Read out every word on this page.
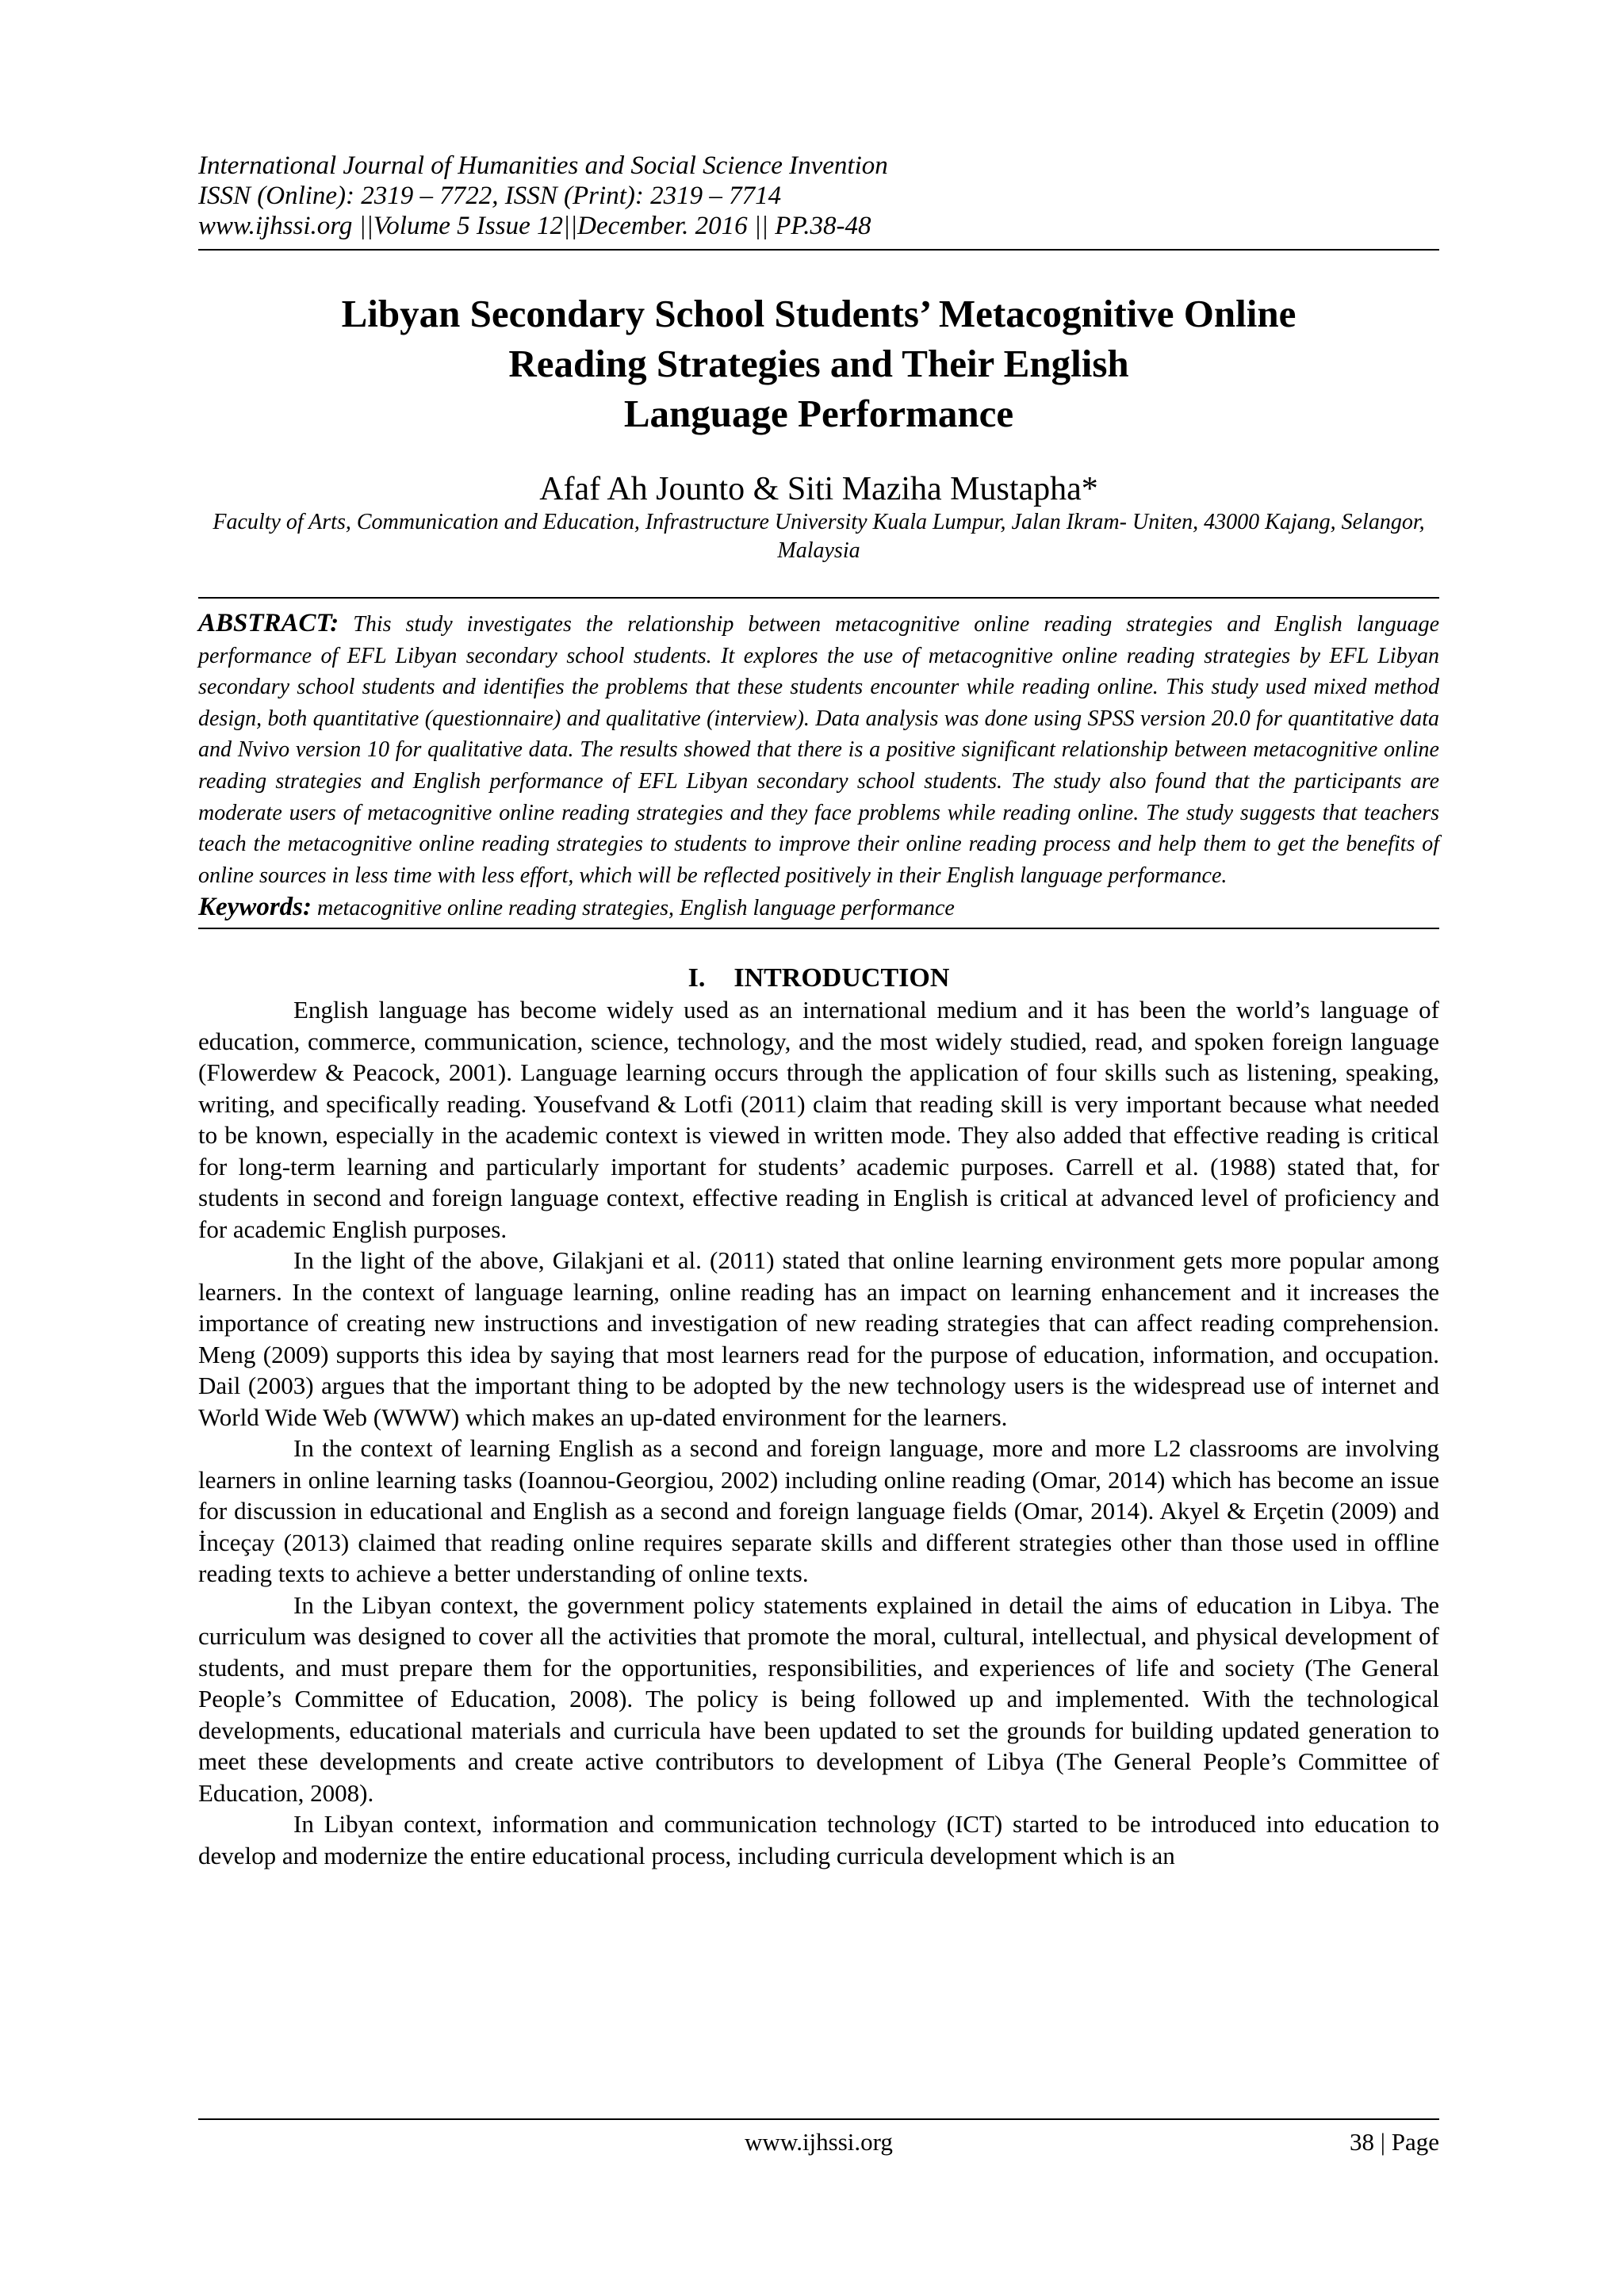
International Journal of Humanities and Social Science Invention
ISSN (Online): 2319 – 7722, ISSN (Print): 2319 – 7714
www.ijhssi.org ||Volume 5 Issue 12||December. 2016 || PP.38-48
Libyan Secondary School Students’ Metacognitive Online
Reading Strategies and Their English
Language Performance
Afaf Ah Jounto & Siti Maziha Mustapha*
Faculty of Arts, Communication and Education, Infrastructure University Kuala Lumpur, Jalan Ikram- Uniten, 43000 Kajang, Selangor, Malaysia

ABSTRACT: This study investigates the relationship between metacognitive online reading strategies and English language performance of EFL Libyan secondary school students. It explores the use of metacognitive online reading strategies by EFL Libyan secondary school students and identifies the problems that these students encounter while reading online. This study used mixed method design, both quantitative (questionnaire) and qualitative (interview). Data analysis was done using SPSS version 20.0 for quantitative data and Nvivo version 10 for qualitative data. The results showed that there is a positive significant relationship between metacognitive online reading strategies and English performance of EFL Libyan secondary school students. The study also found that the participants are moderate users of metacognitive online reading strategies and they face problems while reading online. The study suggests that teachers teach the metacognitive online reading strategies to students to improve their online reading process and help them to get the benefits of online sources in less time with less effort, which will be reflected positively in their English language performance.

Keywords: metacognitive online reading strategies, English language performance

I. INTRODUCTION

English language has become widely used as an international medium and it has been the world’s language of education, commerce, communication, science, technology, and the most widely studied, read, and spoken foreign language (Flowerdew & Peacock, 2001). Language learning occurs through the application of four skills such as listening, speaking, writing, and specifically reading. Yousefvand & Lotfi (2011) claim that reading skill is very important because what needed to be known, especially in the academic context is viewed in written mode. They also added that effective reading is critical for long-term learning and particularly important for students’ academic purposes. Carrell et al. (1988) stated that, for students in second and foreign language context, effective reading in English is critical at advanced level of proficiency and for academic English purposes.

In the light of the above, Gilakjani et al. (2011) stated that online learning environment gets more popular among learners. In the context of language learning, online reading has an impact on learning enhancement and it increases the importance of creating new instructions and investigation of new reading strategies that can affect reading comprehension. Meng (2009) supports this idea by saying that most learners read for the purpose of education, information, and occupation. Dail (2003) argues that the important thing to be adopted by the new technology users is the widespread use of internet and World Wide Web (WWW) which makes an up-dated environment for the learners.

In the context of learning English as a second and foreign language, more and more L2 classrooms are involving learners in online learning tasks (Ioannou-Georgiou, 2002) including online reading (Omar, 2014) which has become an issue for discussion in educational and English as a second and foreign language fields (Omar, 2014). Akyel & Erçetin (2009) and İnceçay (2013) claimed that reading online requires separate skills and different strategies other than those used in offline reading texts to achieve a better understanding of online texts.

In the Libyan context, the government policy statements explained in detail the aims of education in Libya. The curriculum was designed to cover all the activities that promote the moral, cultural, intellectual, and physical development of students, and must prepare them for the opportunities, responsibilities, and experiences of life and society (The General People’s Committee of Education, 2008). The policy is being followed up and implemented. With the technological developments, educational materials and curricula have been updated to set the grounds for building updated generation to meet these developments and create active contributors to development of Libya (The General People’s Committee of Education, 2008).

In Libyan context, information and communication technology (ICT) started to be introduced into education to develop and modernize the entire educational process, including curricula development which is an

www.ijhssi.org	38 | Page
